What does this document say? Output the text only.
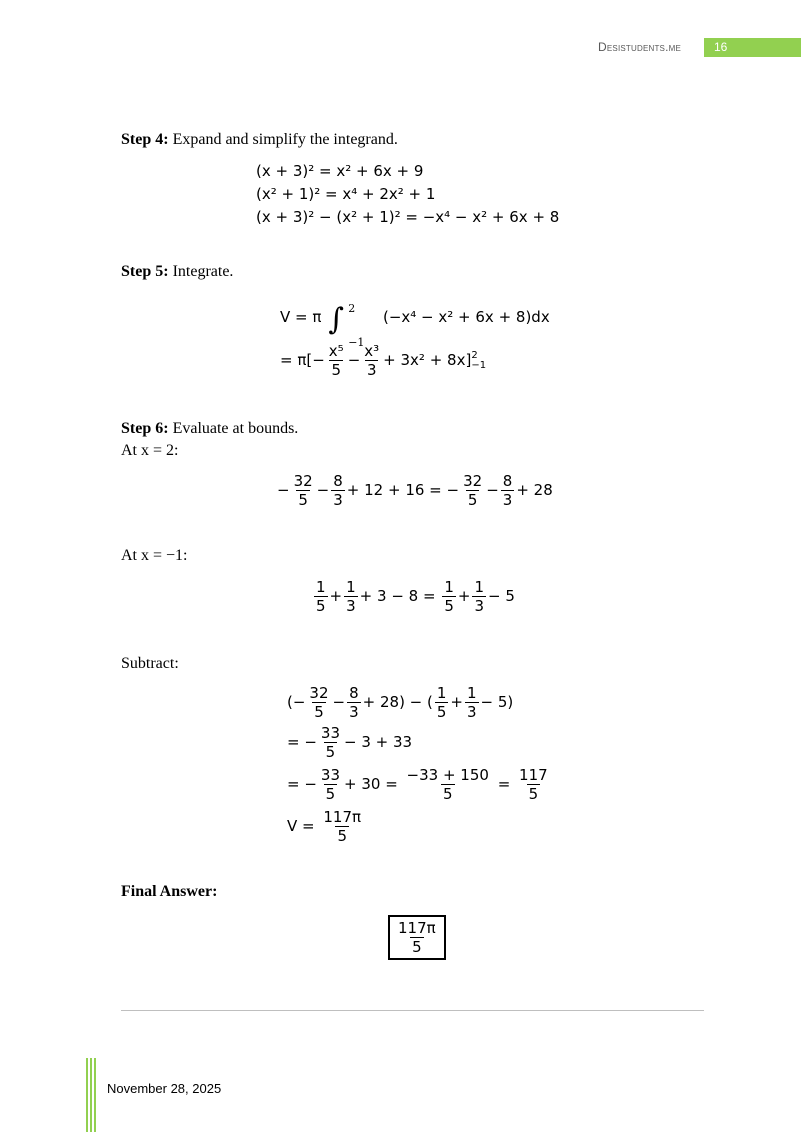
Desistudents.me	16
Step 4: Expand and simplify the integrand.
(x + 3)² = x² + 6x + 9
(x² + 1)² = x⁴ + 2x² + 1
(x + 3)² − (x² + 1)² = −x⁴ − x² + 6x + 8
Step 5: Integrate.
V = π ∫ 2
−1
(−x⁴ − x² + 6x + 8)dx
= $\pi[- \frac{\text{x⁵}}{5} - \frac{\text{x³}}{3} + 3x^2 + 8x]$ 2
−1
Step 6: Evaluate at bounds.
At x = 2:
− $\frac{32}{5} - \frac{8}{3} + 12 + 16$ = − $\frac{32}{5} - \frac{8}{3} + 28$
At x = −1:
$\frac{1}{5} + \frac{1}{3} + 3 - 8 = \frac{1}{5} + \frac{1}{3} - 5$
Subtract:
(− $\frac{32}{5} - \frac{8}{3} + 28$) − ( $\frac{1}{5} + \frac{1}{3} - 5$)
= − $\frac{33}{5} - 3 + 33$
= − $\frac{33}{5} + 30 = \frac{-33 + 150}{5} = \frac{117}{5}$
$V = \frac{117\pi}{5}$
Final Answer:
$\frac{117\pi}{5}$
November 28, 2025
